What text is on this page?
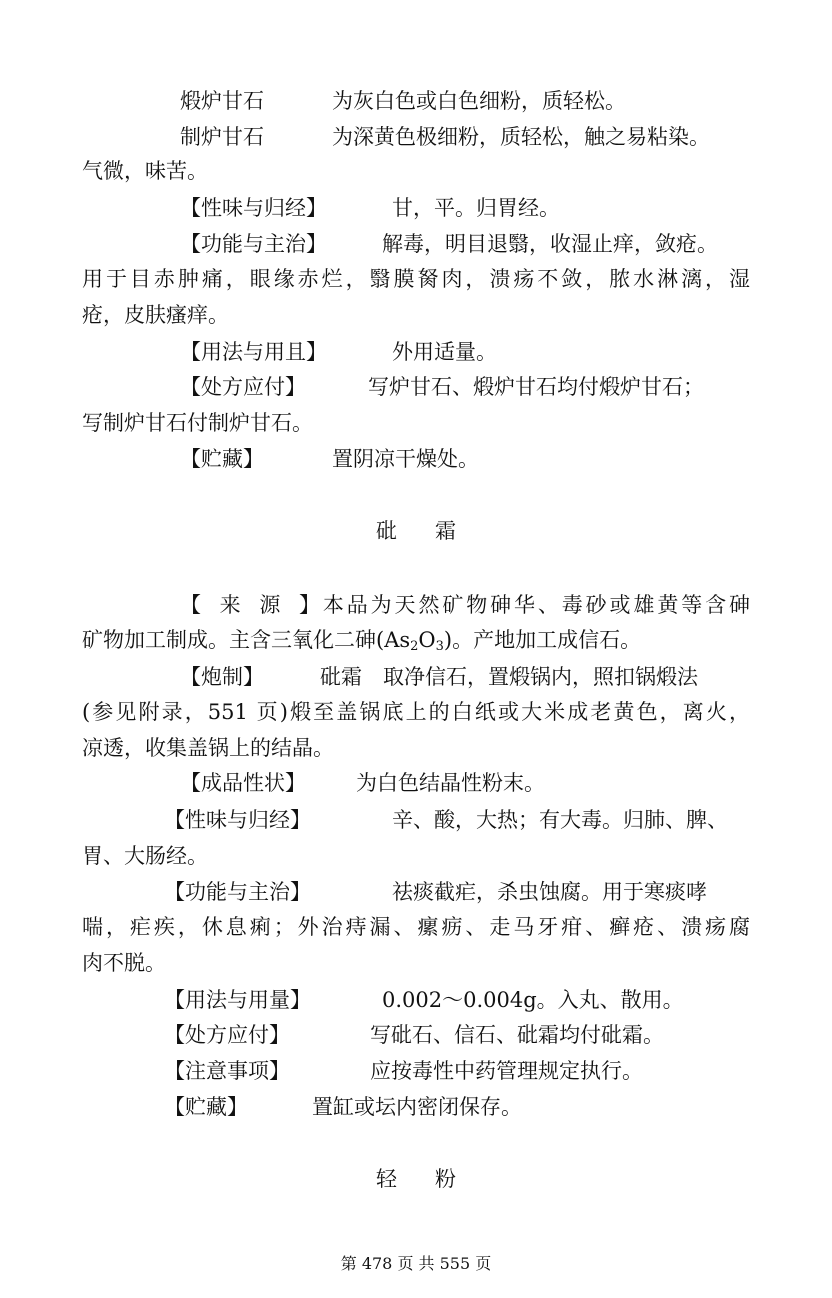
煅炉甘石	为灰白色或白色细粉，质轻松。
制炉甘石	为深黄色极细粉，质轻松，触之易粘染。
气微，味苦。
【性味与归经】	甘，平。归胃经。
【功能与主治】	解毒，明目退翳，收湿止痒，敛疮。
用于目赤肿痛，眼缘赤烂，翳膜胬肉，溃疡不敛，脓水淋漓，湿
疮，皮肤瘙痒。
【用法与用且】	外用适量。
【处方应付】	写炉甘石、煅炉甘石均付煅炉甘石；
写制炉甘石付制炉甘石。
【贮藏】	置阴凉干燥处。
砒 霜
【来源】本品为天然矿物砷华、毒砂或雄黄等含砷
矿物加工制成。主含三氧化二砷$(As_2O_3)$。产地加工成信石。
【炮制】	砒霜　取净信石，置煅锅内，照扣锅煅法
(参见附录，551 页)煅至盖锅底上的白纸或大米成老黄色，离火，
凉透，收集盖锅上的结晶。
【成品性状】 为白色结晶性粉末。
【性味与归经】	辛、酸，大热；有大毒。归肺、脾、
胃、大肠经。
【功能与主治】	祛痰截疟，杀虫蚀腐。用于寒痰哮
喘，疟疾，休息痢；外治痔漏、瘰疬、走马牙疳、癣疮、溃疡腐
肉不脱。
【用法与用量】	0.002～0.004g。入丸、散用。
【处方应付】	写砒石、信石、砒霜均付砒霜。
【注意事项】	应按毒性中药管理规定执行。
【贮藏】	置缸或坛内密闭保存。
轻 粉
第 478 页 共 555 页
